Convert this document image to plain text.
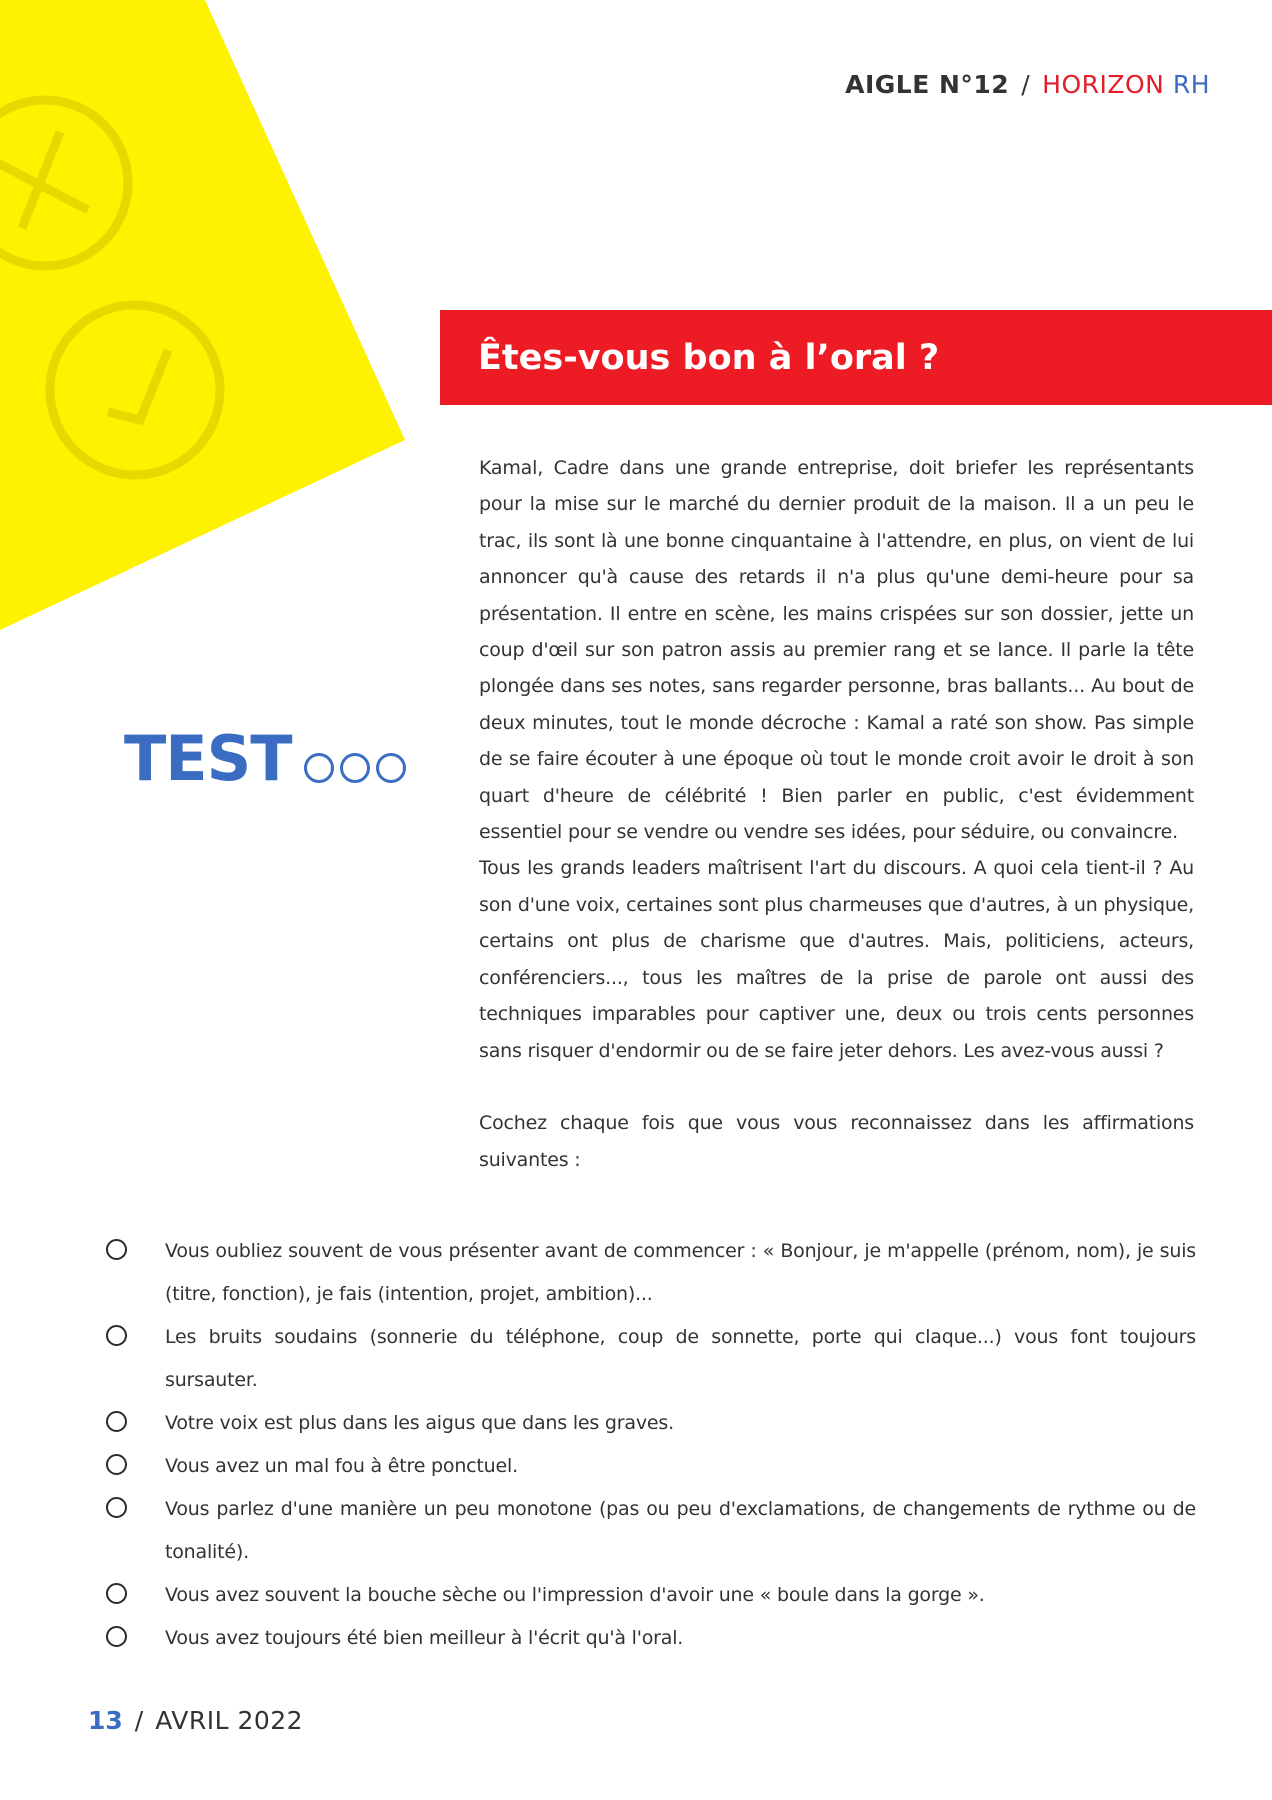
AIGLE N°12 / HORIZON RH
Êtes-vous bon à l’oral ?
TEST

Kamal, Cadre dans une grande entreprise, doit briefer les représentants pour la mise sur le marché du dernier produit de la maison. Il a un peu le trac, ils sont là une bonne cinquantaine à l'attendre, en plus, on vient de lui annoncer qu'à cause des retards il n'a plus qu'une demi-heure pour sa présentation. Il entre en scène, les mains crispées sur son dossier, jette un coup d'œil sur son patron assis au premier rang et se lance. Il parle la tête plongée dans ses notes, sans regarder personne, bras ballants... Au bout de deux minutes, tout le monde décroche : Kamal a raté son show. Pas simple de se faire écouter à une époque où tout le monde croit avoir le droit à son quart d'heure de célébrité ! Bien parler en public, c'est évidemment essentiel pour se vendre ou vendre ses idées, pour séduire, ou convaincre.

Tous les grands leaders maîtrisent l'art du discours. A quoi cela tient-il ? Au son d'une voix, certaines sont plus charmeuses que d'autres, à un physique, certains ont plus de charisme que d'autres. Mais, politiciens, acteurs, conférenciers..., tous les maîtres de la prise de parole ont aussi des techniques imparables pour captiver une, deux ou trois cents personnes sans risquer d'endormir ou de se faire jeter dehors. Les avez-vous aussi ?

Cochez chaque fois que vous vous reconnaissez dans les affirmations suivantes :

Vous oubliez souvent de vous présenter avant de commencer : « Bonjour, je m'appelle (prénom, nom), je suis (titre, fonction), je fais (intention, projet, ambition)...
Les bruits soudains (sonnerie du téléphone, coup de sonnette, porte qui claque...) vous font toujours sursauter.
Votre voix est plus dans les aigus que dans les graves.
Vous avez un mal fou à être ponctuel.
Vous parlez d'une manière un peu monotone (pas ou peu d'exclamations, de changements de rythme ou de tonalité).
Vous avez souvent la bouche sèche ou l'impression d'avoir une « boule dans la gorge ».
Vous avez toujours été bien meilleur à l'écrit qu'à l'oral.
13 / AVRIL 2022
